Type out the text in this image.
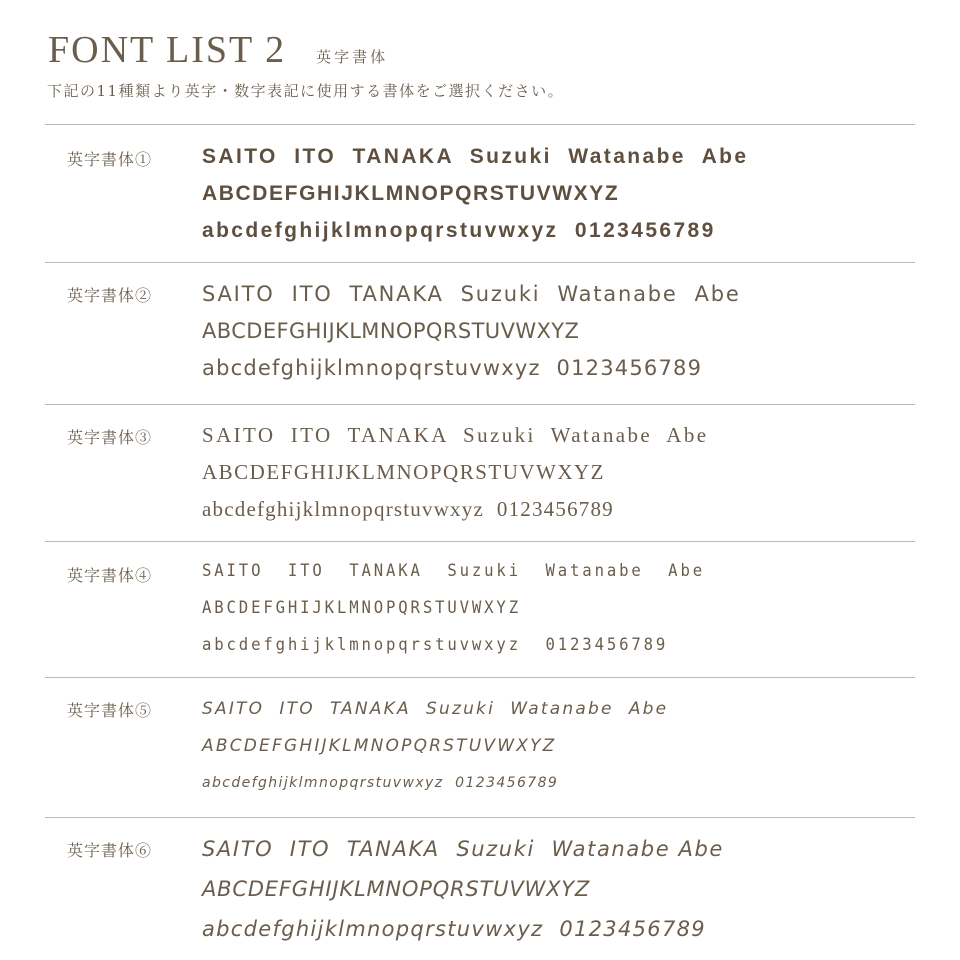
FONT LIST 2 英字書体
下記の11種類より英字・数字表記に使用する書体をご選択ください。
英字書体① SAITO  ITO  TANAKA  Suzuki  Watanabe  Abe
ABCDEFGHIJKLMNOPQRSTUVWXYZ
abcdefghijklmnopqrstuvwxyz  0123456789
英字書体② SAITO  ITO  TANAKA  Suzuki  Watanabe  Abe
ABCDEFGHIJKLMNOPQRSTUVWXYZ
abcdefghijklmnopqrstuvwxyz  0123456789
英字書体③ SAITO  ITO  TANAKA  Suzuki  Watanabe  Abe
ABCDEFGHIJKLMNOPQRSTUVWXYZ
abcdefghijklmnopqrstuvwxyz  0123456789
英字書体④	SAITO  ITO  TANAKA  Suzuki  Watanabe  Abe
ABCDEFGHIJKLMNOPQRSTUVWXYZ
abcdefghijklmnopqrstuvwxyz  0123456789
英字書体⑤	SAITO  ITO  TANAKA  Suzuki  Watanabe  Abe
ABCDEFGHIJKLMNOPQRSTUVWXYZ
abcdefghijklmnopqrstuvwxyz  0123456789
英字書体⑥ SAITO  ITO  TANAKA  Suzuki  Watanabe Abe
ABCDEFGHIJKLMNOPQRSTUVWXYZ
abcdefghijklmnopqrstuvwxyz  0123456789
